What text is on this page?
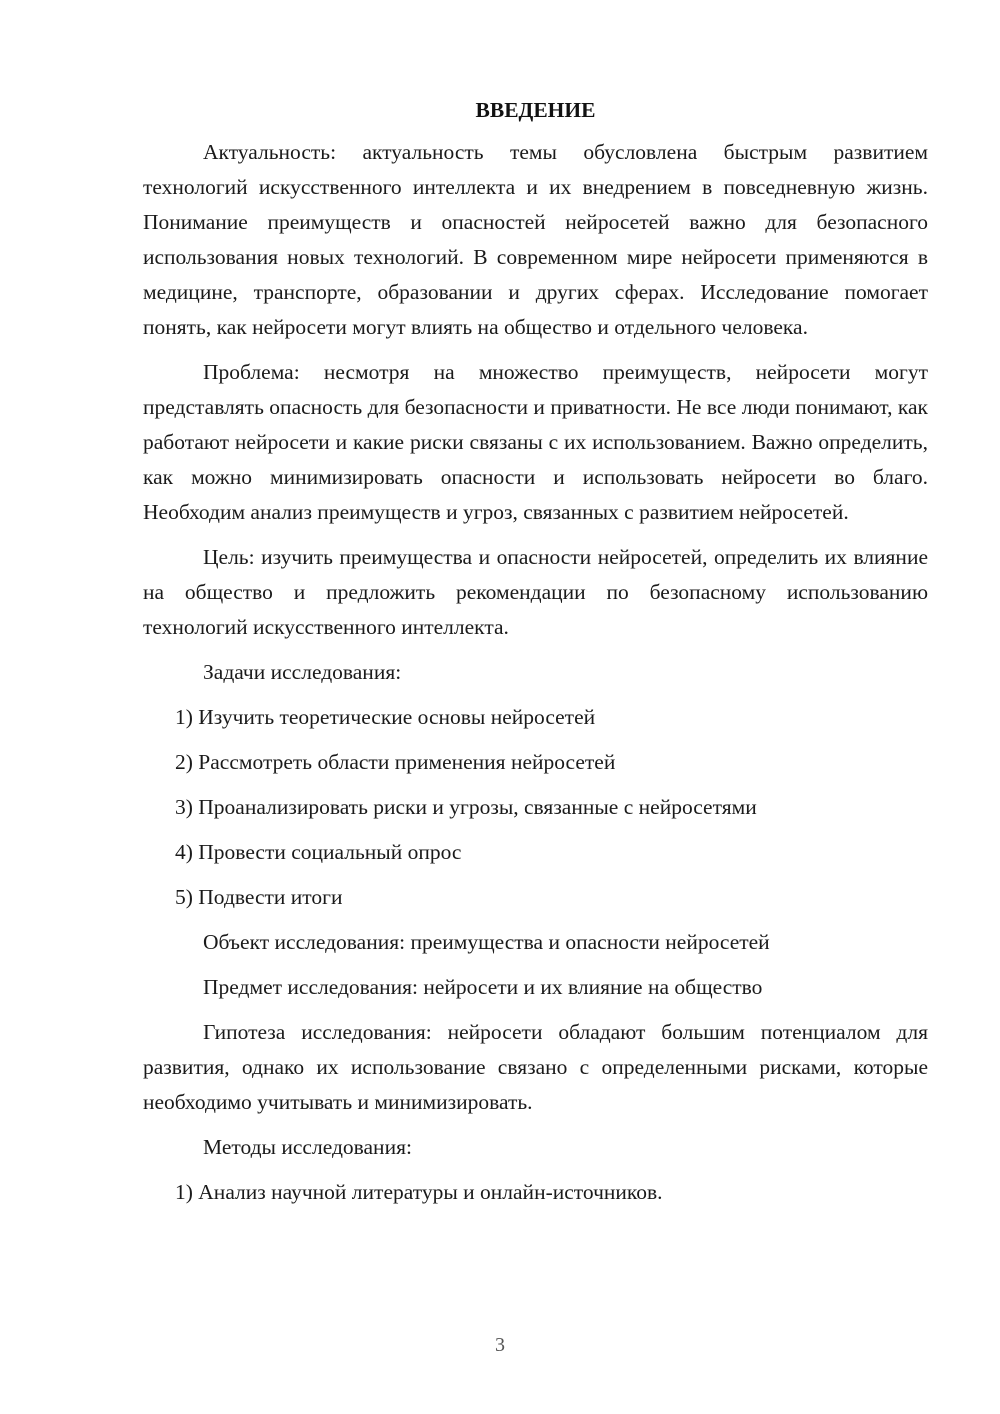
ВВЕДЕНИЕ

Актуальность: актуальность темы обусловлена быстрым развитием технологий искусственного интеллекта и их внедрением в повседневную жизнь. Понимание преимуществ и опасностей нейросетей важно для безопасного использования новых технологий. В современном мире нейросети применяются в медицине, транспорте, образовании и других сферах. Исследование помогает понять, как нейросети могут влиять на общество и отдельного человека.

Проблема: несмотря на множество преимуществ, нейросети могут представлять опасность для безопасности и приватности. Не все люди понимают, как работают нейросети и какие риски связаны с их использованием. Важно определить, как можно минимизировать опасности и использовать нейросети во благо. Необходим анализ преимуществ и угроз, связанных с развитием нейросетей.

Цель: изучить преимущества и опасности нейросетей, определить их влияние на общество и предложить рекомендации по безопасному использованию технологий искусственного интеллекта.

Задачи исследования:

1) Изучить теоретические основы нейросетей

2) Рассмотреть области применения нейросетей

3) Проанализировать риски и угрозы, связанные с нейросетями

4) Провести социальный опрос

5) Подвести итоги

Объект исследования: преимущества и опасности нейросетей

Предмет исследования: нейросети и их влияние на общество

Гипотеза исследования: нейросети обладают большим потенциалом для развития, однако их использование связано с определенными рисками, которые необходимо учитывать и минимизировать.

Методы исследования:

1) Анализ научной литературы и онлайн-источников.

3
